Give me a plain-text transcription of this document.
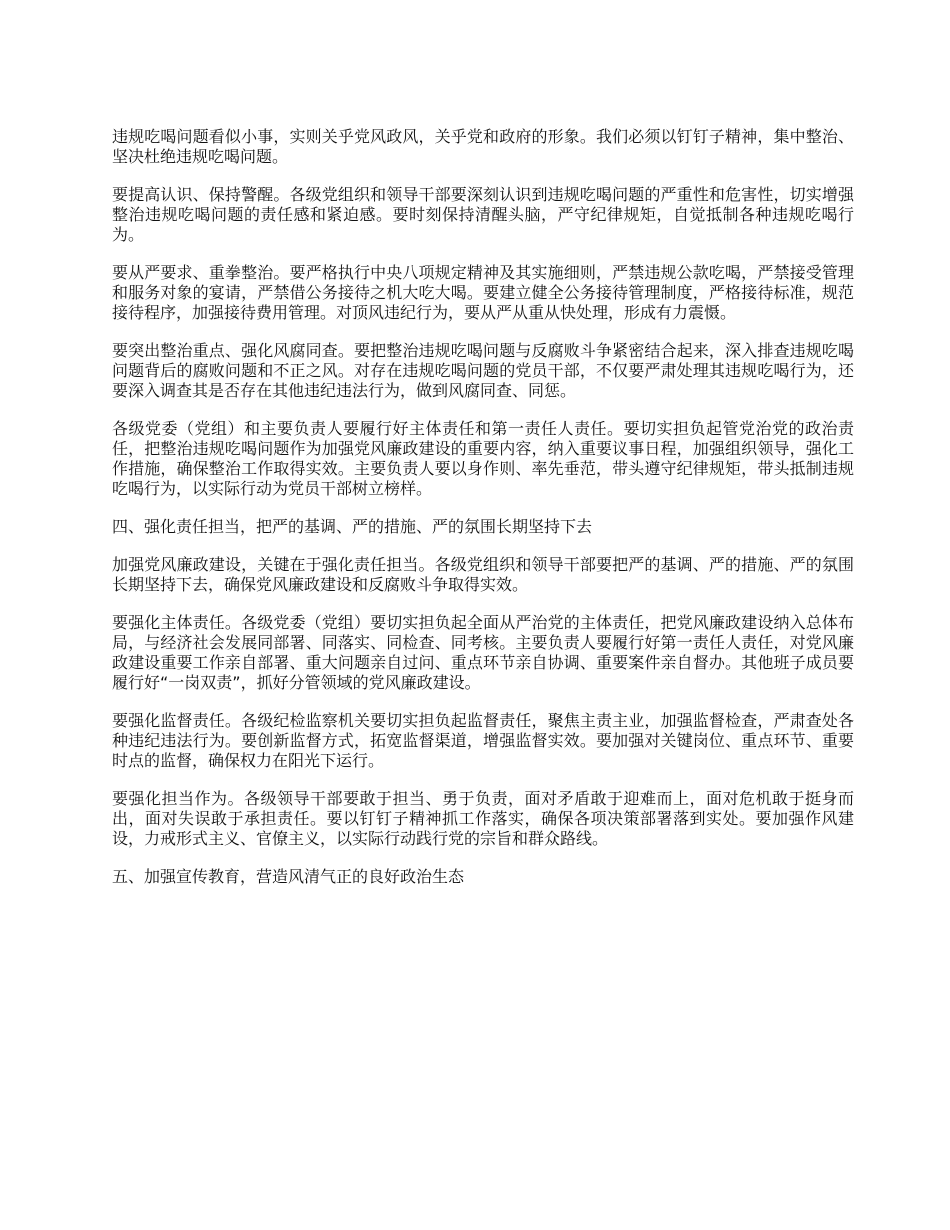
违规吃喝问题看似小事，实则关乎党风政风，关乎党和政府的形象。我们必须以钉钉子精神，集中整治、坚决杜绝违规吃喝问题。

要提高认识、保持警醒。各级党组织和领导干部要深刻认识到违规吃喝问题的严重性和危害性，切实增强整治违规吃喝问题的责任感和紧迫感。要时刻保持清醒头脑，严守纪律规矩，自觉抵制各种违规吃喝行为。

要从严要求、重拳整治。要严格执行中央八项规定精神及其实施细则，严禁违规公款吃喝，严禁接受管理和服务对象的宴请，严禁借公务接待之机大吃大喝。要建立健全公务接待管理制度，严格接待标准，规范接待程序，加强接待费用管理。对顶风违纪行为，要从严从重从快处理，形成有力震慑。

要突出整治重点、强化风腐同查。要把整治违规吃喝问题与反腐败斗争紧密结合起来，深入排查违规吃喝问题背后的腐败问题和不正之风。对存在违规吃喝问题的党员干部，不仅要严肃处理其违规吃喝行为，还要深入调查其是否存在其他违纪违法行为，做到风腐同查、同惩。

各级党委（党组）和主要负责人要履行好主体责任和第一责任人责任。要切实担负起管党治党的政治责任，把整治违规吃喝问题作为加强党风廉政建设的重要内容，纳入重要议事日程，加强组织领导，强化工作措施，确保整治工作取得实效。主要负责人要以身作则、率先垂范，带头遵守纪律规矩，带头抵制违规吃喝行为，以实际行动为党员干部树立榜样。

四、强化责任担当，把严的基调、严的措施、严的氛围长期坚持下去

加强党风廉政建设，关键在于强化责任担当。各级党组织和领导干部要把严的基调、严的措施、严的氛围长期坚持下去，确保党风廉政建设和反腐败斗争取得实效。

要强化主体责任。各级党委（党组）要切实担负起全面从严治党的主体责任，把党风廉政建设纳入总体布局，与经济社会发展同部署、同落实、同检查、同考核。主要负责人要履行好第一责任人责任，对党风廉政建设重要工作亲自部署、重大问题亲自过问、重点环节亲自协调、重要案件亲自督办。其他班子成员要履行好“一岗双责”，抓好分管领域的党风廉政建设。

要强化监督责任。各级纪检监察机关要切实担负起监督责任，聚焦主责主业，加强监督检查，严肃查处各种违纪违法行为。要创新监督方式，拓宽监督渠道，增强监督实效。要加强对关键岗位、重点环节、重要时点的监督，确保权力在阳光下运行。

要强化担当作为。各级领导干部要敢于担当、勇于负责，面对矛盾敢于迎难而上，面对危机敢于挺身而出，面对失误敢于承担责任。要以钉钉子精神抓工作落实，确保各项决策部署落到实处。要加强作风建设，力戒形式主义、官僚主义，以实际行动践行党的宗旨和群众路线。

五、加强宣传教育，营造风清气正的良好政治生态
